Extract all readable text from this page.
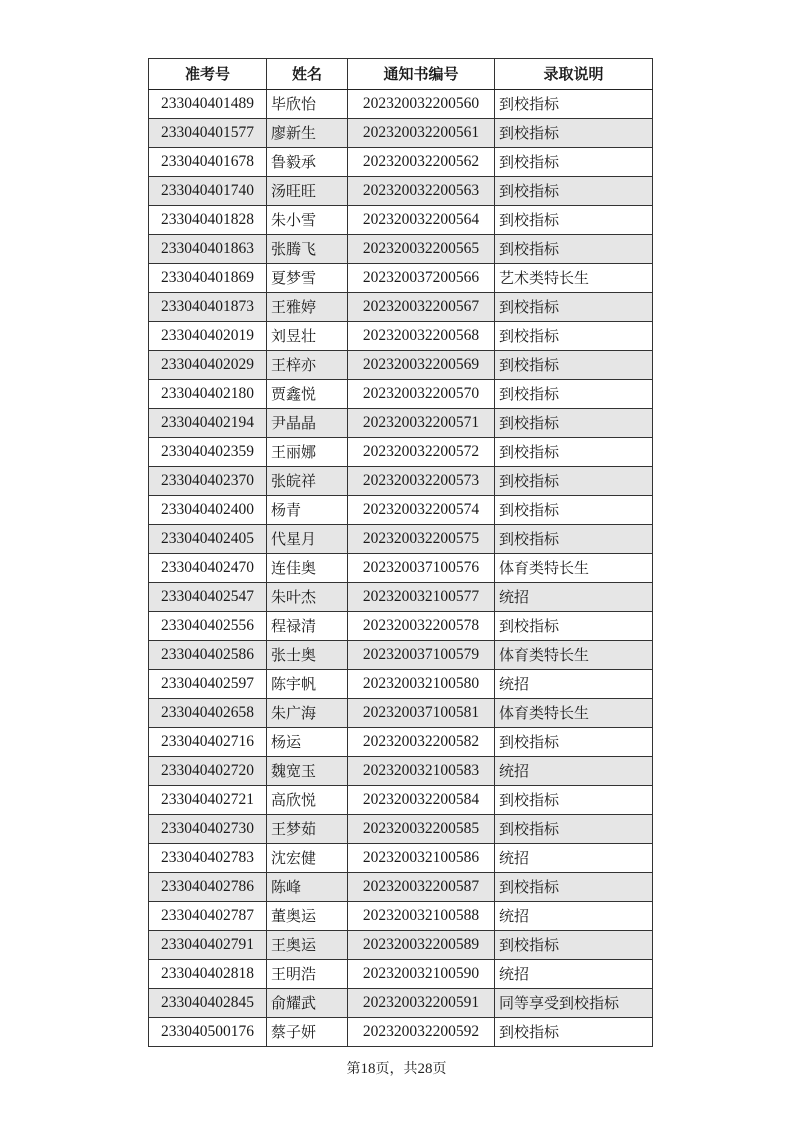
准考号	姓名	通知书编号	录取说明
233040401489	毕欣怡	202320032200560	到校指标
233040401577	廖新生	202320032200561	到校指标
233040401678	鲁毅承	202320032200562	到校指标
233040401740	汤旺旺	202320032200563	到校指标
233040401828	朱小雪	202320032200564	到校指标
233040401863	张腾飞	202320032200565	到校指标
233040401869	夏梦雪	202320037200566	艺术类特长生
233040401873	王雅婷	202320032200567	到校指标
233040402019	刘昱壮	202320032200568	到校指标
233040402029	王梓亦	202320032200569	到校指标
233040402180	贾鑫悦	202320032200570	到校指标
233040402194	尹晶晶	202320032200571	到校指标
233040402359	王丽娜	202320032200572	到校指标
233040402370	张皖祥	202320032200573	到校指标
233040402400	杨青	202320032200574	到校指标
233040402405	代星月	202320032200575	到校指标
233040402470	连佳奥	202320037100576	体育类特长生
233040402547	朱叶杰	202320032100577	统招
233040402556	程禄清	202320032200578	到校指标
233040402586	张士奥	202320037100579	体育类特长生
233040402597	陈宇帆	202320032100580	统招
233040402658	朱广海	202320037100581	体育类特长生
233040402716	杨运	202320032200582	到校指标
233040402720	魏宽玉	202320032100583	统招
233040402721	高欣悦	202320032200584	到校指标
233040402730	王梦茹	202320032200585	到校指标
233040402783	沈宏健	202320032100586	统招
233040402786	陈峰	202320032200587	到校指标
233040402787	董奥运	202320032100588	统招
233040402791	王奥运	202320032200589	到校指标
233040402818	王明浩	202320032100590	统招
233040402845	俞耀武	202320032200591	同等享受到校指标
233040500176	蔡子妍	202320032200592	到校指标
第18页，共28页
